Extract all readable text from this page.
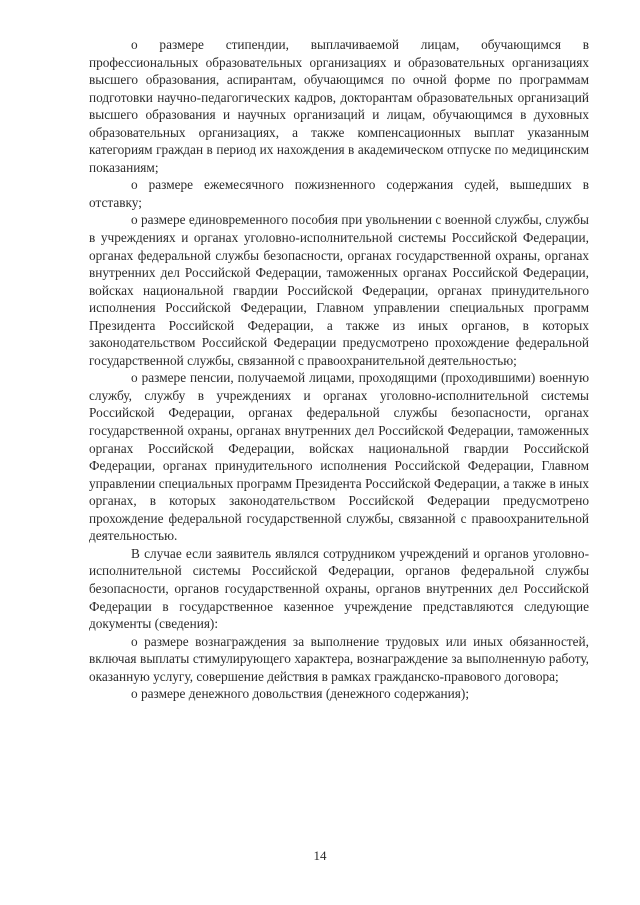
о размере стипендии, выплачиваемой лицам, обучающимся в профессиональных образовательных организациях и образовательных организациях высшего образования, аспирантам, обучающимся по очной форме по программам подготовки научно-педагогических кадров, докторантам образовательных организаций высшего образования и научных организаций и лицам, обучающимся в духовных образовательных организациях, а также компенсационных выплат указанным категориям граждан в период их нахождения в академическом отпуске по медицинским показаниям;

о размере ежемесячного пожизненного содержания судей, вышедших в отставку;

о размере единовременного пособия при увольнении с военной службы, службы в учреждениях и органах уголовно-исполнительной системы Российской Федерации, органах федеральной службы безопасности, органах государственной охраны, органах внутренних дел Российской Федерации, таможенных органах Российской Федерации, войсках национальной гвардии Российской Федерации, органах принудительного исполнения Российской Федерации, Главном управлении специальных программ Президента Российской Федерации, а также из иных органов, в которых законодательством Российской Федерации предусмотрено прохождение федеральной государственной службы, связанной с правоохранительной деятельностью;

о размере пенсии, получаемой лицами, проходящими (проходившими) военную службу, службу в учреждениях и органах уголовно-исполнительной системы Российской Федерации, органах федеральной службы безопасности, органах государственной охраны, органах внутренних дел Российской Федерации, таможенных органах Российской Федерации, войсках национальной гвардии Российской Федерации, органах принудительного исполнения Российской Федерации, Главном управлении специальных программ Президента Российской Федерации, а также в иных органах, в которых законодательством Российской Федерации предусмотрено прохождение федеральной государственной службы, связанной с правоохранительной деятельностью.

В случае если заявитель являлся сотрудником учреждений и органов уголовно-исполнительной системы Российской Федерации, органов федеральной службы безопасности, органов государственной охраны, органов внутренних дел Российской Федерации в государственное казенное учреждение представляются следующие документы (сведения):

о размере вознаграждения за выполнение трудовых или иных обязанностей, включая выплаты стимулирующего характера, вознаграждение за выполненную работу, оказанную услугу, совершение действия в рамках гражданско-правового договора;

о размере денежного довольствия (денежного содержания);

14
